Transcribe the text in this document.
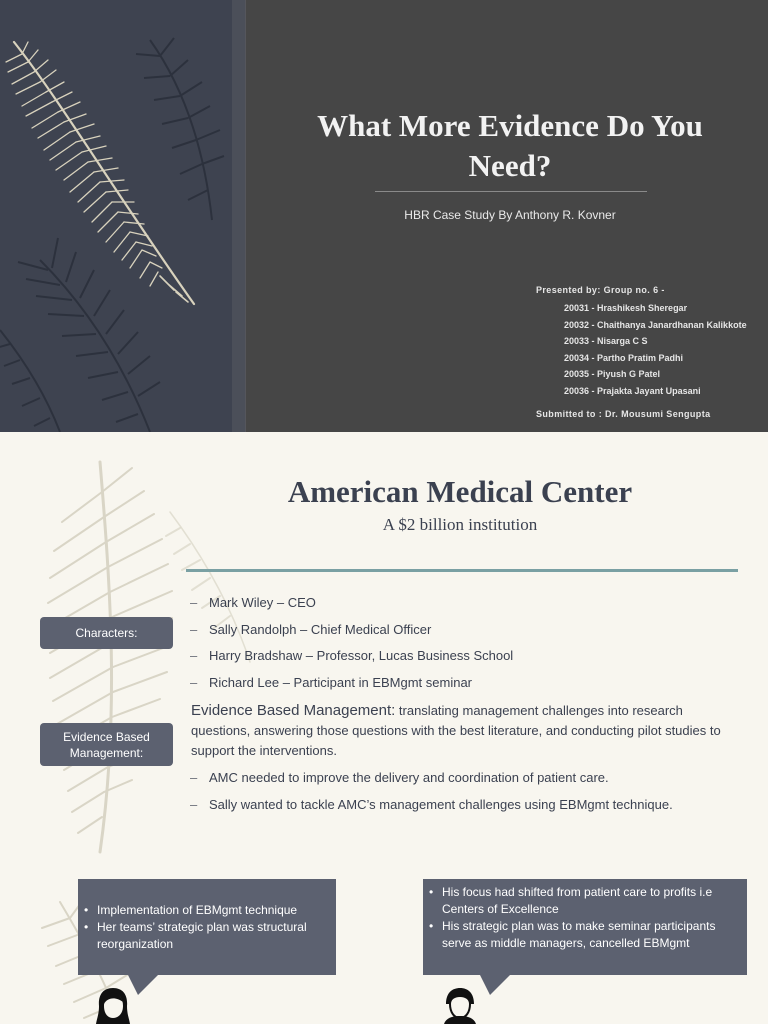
What More Evidence Do You Need?
HBR Case Study By Anthony R. Kovner
Presented by: Group no. 6 -
20031 - Hrashikesh Sheregar
20032 - Chaithanya Janardhanan Kalikkote
20033 - Nisarga C S
20034 - Partho Pratim Padhi
20035 - Piyush G Patel
20036 - Prajakta Jayant Upasani
Submitted to : Dr. Mousumi Sengupta
American Medical Center
A $2 billion institution
Characters:
– Mark Wiley – CEO
– Sally Randolph – Chief Medical Officer
– Harry Bradshaw – Professor, Lucas Business School
– Richard Lee – Participant in EBMgmt seminar
Evidence Based Management:

Evidence Based Management: translating management challenges into research questions, answering those questions with the best literature, and conducting pilot studies to support the interventions.

– AMC needed to improve the delivery and coordination of patient care.
– Sally wanted to tackle AMC’s management challenges using EBMgmt technique.
• Implementation of EBMgmt technique
• Her teams’ strategic plan was structural reorganization
• His focus had shifted from patient care to profits i.e Centers of Excellence
• His strategic plan was to make seminar participants serve as middle managers, cancelled EBMgmt
